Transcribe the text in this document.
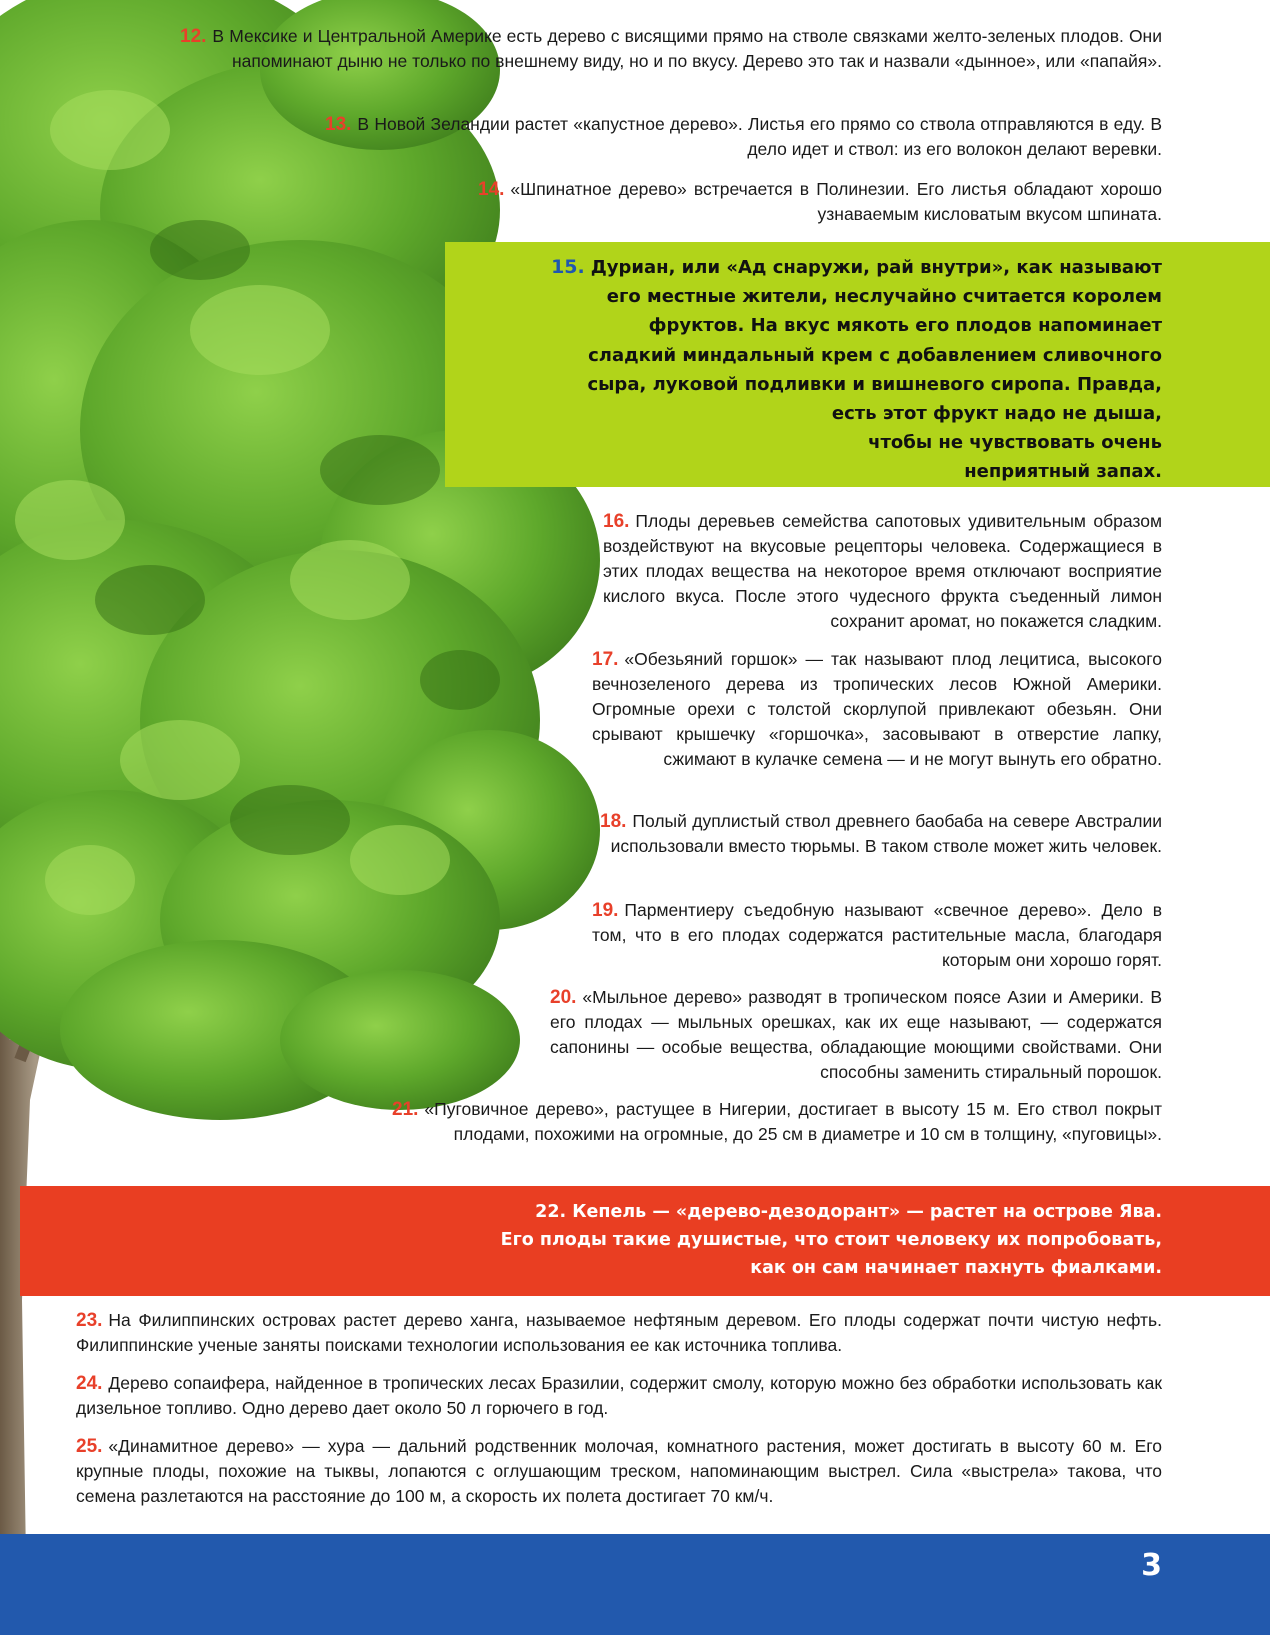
12. В Мексике и Центральной Америке есть дерево с висящими прямо на стволе связками желто-зеленых плодов. Они напоминают дыню не только по внешнему виду, но и по вкусу. Дерево это так и назвали «дынное», или «папайя».
13. В Новой Зеландии растет «капустное дерево». Листья его прямо со ствола отправляются в еду. В дело идет и ствол: из его волокон делают веревки.
14. «Шпинатное дерево» встречается в Полинезии. Его листья обладают хорошо узнаваемым кисловатым вкусом шпината.
15. Дуриан, или «Ад снаружи, рай внутри», как называют
его местные жители, неслучайно считается королем
фруктов. На вкус мякоть его плодов напоминает
сладкий миндальный крем с добавлением сливочного
сыра, луковой подливки и вишневого сиропа. Правда,
есть этот фрукт надо не дыша,
чтобы не чувствовать очень
неприятный запах.
16. Плоды деревьев семейства сапотовых удивительным образом воздействуют на вкусовые рецепторы человека. Содержащиеся в этих плодах вещества на некоторое время отключают восприятие кислого вкуса. После этого чудесного фрукта съеденный лимон сохранит аромат, но покажется сладким.
17. «Обезьяний горшок» — так называют плод лецитиса, высокого вечнозеленого дерева из тропических лесов Южной Америки. Огромные орехи с толстой скорлупой привлекают обезьян. Они срывают крышечку «горшочка», засовывают в отверстие лапку, сжимают в кулачке семена — и не могут вынуть его обратно.
18. Полый дуплистый ствол древнего баобаба на севере Австралии использовали вместо тюрьмы. В таком стволе может жить человек.
19. Парментиеру съедобную называют «свечное дерево». Дело в том, что в его плодах содержатся растительные масла, благодаря которым они хорошо горят.
20. «Мыльное дерево» разводят в тропическом поясе Азии и Америки. В его плодах — мыльных орешках, как их еще называют, — содержатся сапонины — особые вещества, обладающие моющими свойствами. Они способны заменить стиральный порошок.
21. «Пуговичное дерево», растущее в Нигерии, достигает в высоту 15 м. Его ствол покрыт плодами, похожими на огромные, до 25 см в диаметре и 10 см в толщину, «пуговицы».
22. Кепель — «дерево-дезодорант» — растет на острове Ява.
Его плоды такие душистые, что стоит человеку их попробовать,
как он сам начинает пахнуть фиалками.
23. На Филиппинских островах растет дерево ханга, называемое нефтяным деревом. Его плоды содержат почти чистую нефть. Филиппинские ученые заняты поисками технологии использования ее как источника топлива.
24. Дерево сопаифера, найденное в тропических лесах Бразилии, содержит смолу, которую можно без обработки использовать как дизельное топливо. Одно дерево дает около 50 л горючего в год.
25. «Динамитное дерево» — хура — дальний родственник молочая, комнатного растения, может достигать в высоту 60 м. Его крупные плоды, похожие на тыквы, лопаются с оглушающим треском, напоминающим выстрел. Сила «выстрела» такова, что семена разлетаются на расстояние до 100 м, а скорость их полета достигает 70 км/ч.
3
